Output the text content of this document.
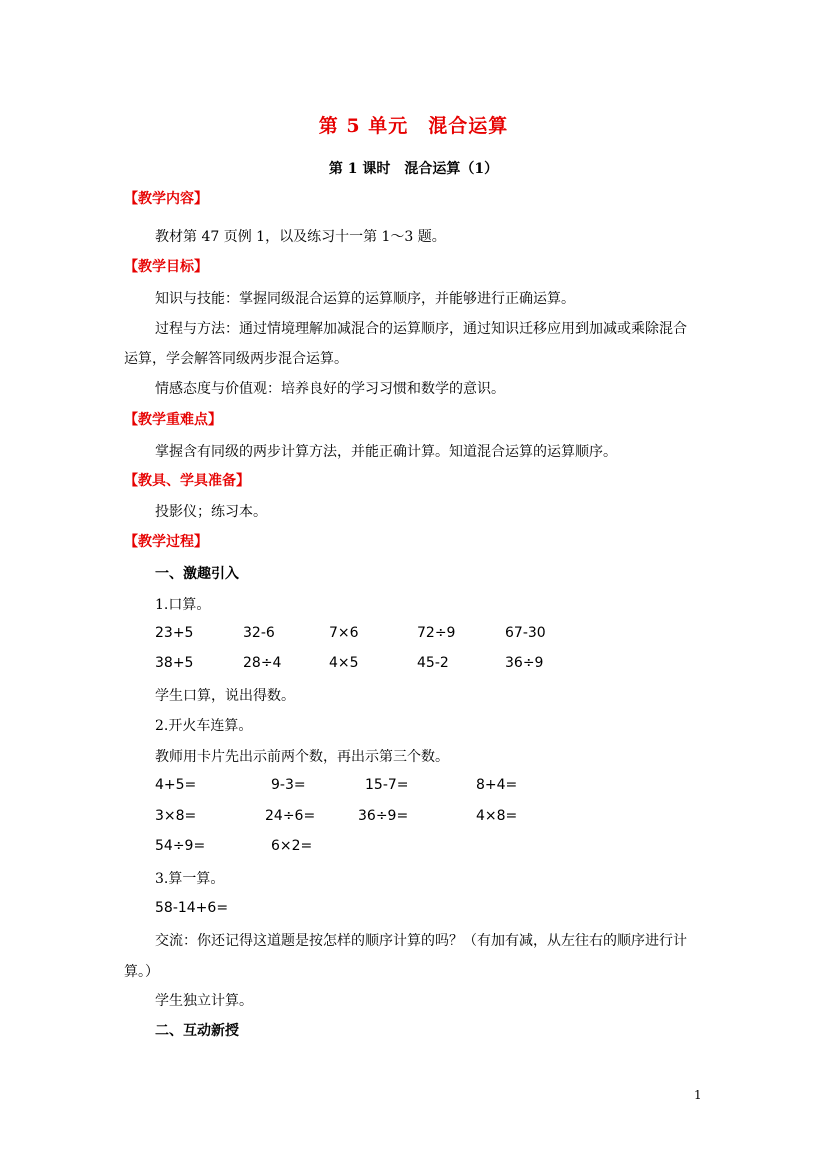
第 5 单元　混合运算
第 1 课时　混合运算（1）
【教学内容】
教材第 47 页例 1，以及练习十一第 1～3 题。
【教学目标】
知识与技能：掌握同级混合运算的运算顺序，并能够进行正确运算。
过程与方法：通过情境理解加减混合的运算顺序，通过知识迁移应用到加减或乘除混合
运算，学会解答同级两步混合运算。
情感态度与价值观：培养良好的学习习惯和数学的意识。
【教学重难点】
掌握含有同级的两步计算方法，并能正确计算。知道混合运算的运算顺序。
【教具、学具准备】
投影仪；练习本。
【教学过程】
一、激趣引入
1.口算。
23+5	32-6	7×6	72÷9	67-30
38+5	28÷4	4×5	45-2	36÷9
学生口算，说出得数。
2.开火车连算。
教师用卡片先出示前两个数，再出示第三个数。
4+5=	9-3=	15-7=	8+4=
3×8=	24÷6=	36÷9=	4×8=
54÷9=	6×2=
3.算一算。
58-14+6=
交流：你还记得这道题是按怎样的顺序计算的吗？（有加有减，从左往右的顺序进行计
算。）
学生独立计算。
二、互动新授
1
